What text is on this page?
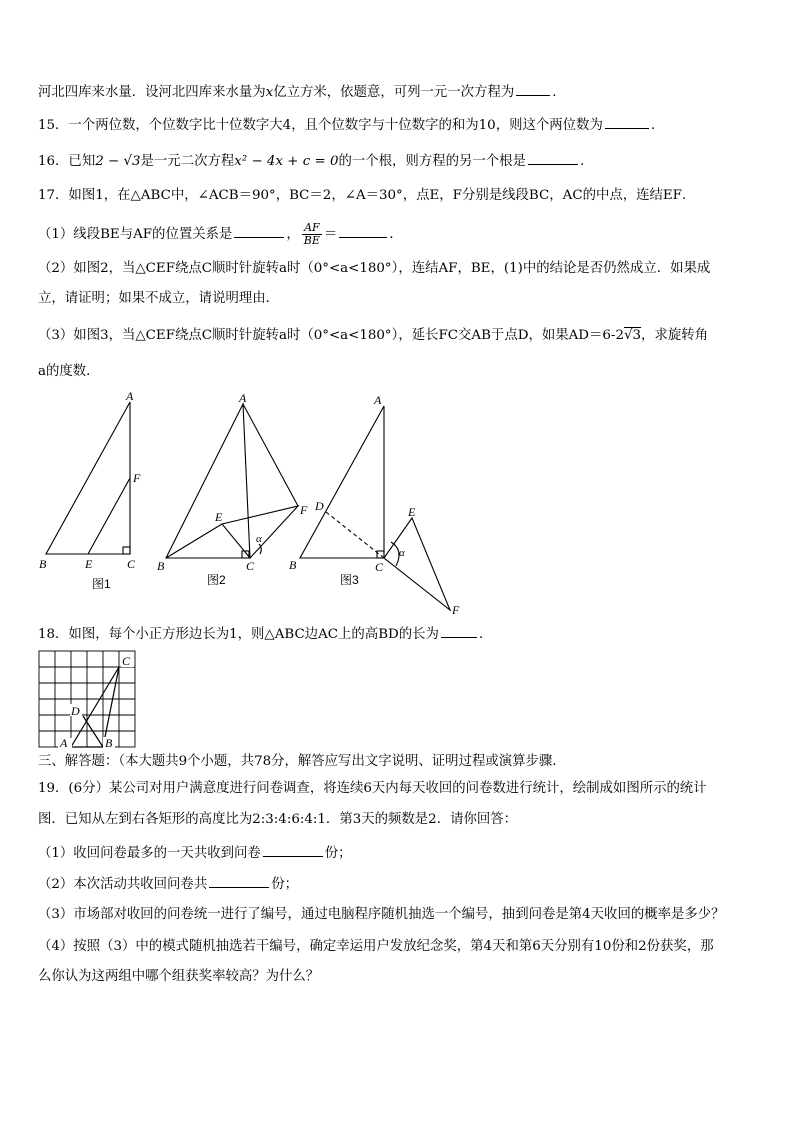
河北四库来水量．设河北四库来水量为x亿立方米，依题意，可列一元一次方程为	．
15．一个两位数，个位数字比十位数字大4，且个位数字与十位数字的和为10，则这个两位数为	．
16．已知2 − √3是一元二次方程x² − 4x + c = 0的一个根，则方程的另一个根是	．
17．如图1，在△ABC中，∠ACB＝90°，BC＝2，∠A＝30°，点E，F分别是线段BC，AC的中点，连结EF．
（1）线段BE与AF的位置关系是	， $\frac{AF}{BE}$ ＝	．
（2）如图2，当△CEF绕点C顺时针旋转a时（0°<a<180°），连结AF，BE，(1)中的结论是否仍然成立．如果成
立，请证明；如果不成立，请说明理由．
（3）如图3，当△CEF绕点C顺时针旋转a时（0°<a<180°），延长FC交AB于点D，如果AD＝6-2√3，求旋转角
a的度数．
A
F
B	E	C
图1
A
F
E
α
B	C
图2
A
D	E
α
B	C
F
图3
18．如图，每个小正方形边长为1，则△ABC边AC上的高BD的长为	．
A	B
C
D
三、解答题：（本大题共9个小题，共78分，解答应写出文字说明、证明过程或演算步骤．
19．(6分）某公司对用户满意度进行问卷调查，将连续6天内每天收回的问卷数进行统计，绘制成如图所示的统计
图．已知从左到右各矩形的高度比为2:3:4:6:4:1．第3天的频数是2．请你回答：
（1）收回问卷最多的一天共收到问卷	份；
（2）本次活动共收回问卷共	份；
（3）市场部对收回的问卷统一进行了编号，通过电脑程序随机抽选一个编号，抽到问卷是第4天收回的概率是多少？
（4）按照（3）中的模式随机抽选若干编号，确定幸运用户发放纪念奖，第4天和第6天分别有10份和2份获奖，那
么你认为这两组中哪个组获奖率较高？为什么？
